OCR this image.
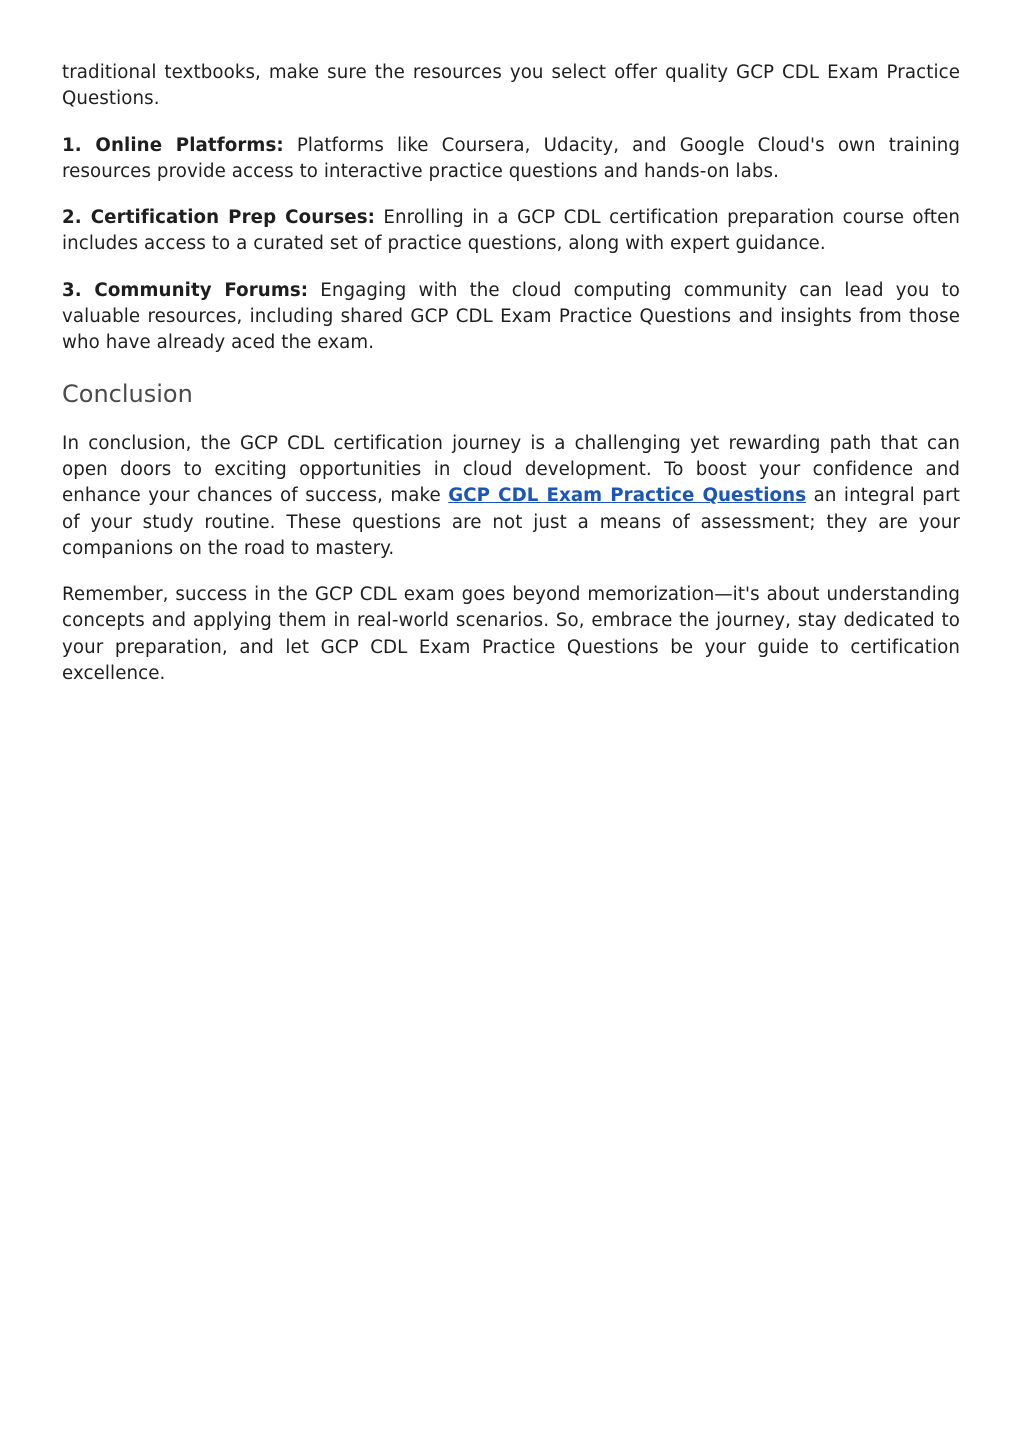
traditional textbooks, make sure the resources you select offer quality GCP CDL Exam Practice Questions.

1. Online Platforms: Platforms like Coursera, Udacity, and Google Cloud's own training resources provide access to interactive practice questions and hands-on labs.

2. Certification Prep Courses: Enrolling in a GCP CDL certification preparation course often includes access to a curated set of practice questions, along with expert guidance.

3. Community Forums: Engaging with the cloud computing community can lead you to valuable resources, including shared GCP CDL Exam Practice Questions and insights from those who have already aced the exam.

Conclusion

In conclusion, the GCP CDL certification journey is a challenging yet rewarding path that can open doors to exciting opportunities in cloud development. To boost your confidence and enhance your chances of success, make GCP CDL Exam Practice Questions an integral part of your study routine. These questions are not just a means of assessment; they are your companions on the road to mastery.

Remember, success in the GCP CDL exam goes beyond memorization—it's about understanding concepts and applying them in real-world scenarios. So, embrace the journey, stay dedicated to your preparation, and let GCP CDL Exam Practice Questions be your guide to certification excellence.
